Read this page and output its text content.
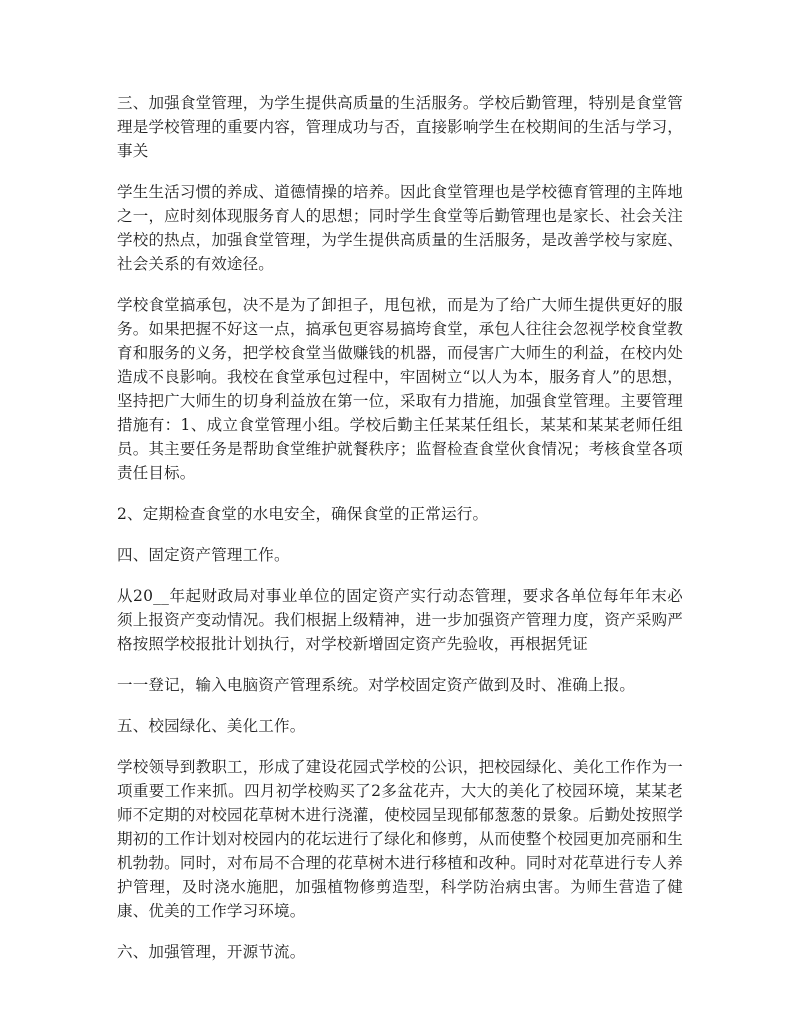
三、加强食堂管理，为学生提供高质量的生活服务。学校后勤管理，特别是食堂管理是学校管理的重要内容，管理成功与否，直接影响学生在校期间的生活与学习，事关

学生生活习惯的养成、道德情操的培养。因此食堂管理也是学校德育管理的主阵地之一，应时刻体现服务育人的思想；同时学生食堂等后勤管理也是家长、社会关注学校的热点，加强食堂管理，为学生提供高质量的生活服务，是改善学校与家庭、社会关系的有效途径。

学校食堂搞承包，决不是为了卸担子，甩包袱，而是为了给广大师生提供更好的服务。如果把握不好这一点，搞承包更容易搞垮食堂，承包人往往会忽视学校食堂教育和服务的义务，把学校食堂当做赚钱的机器，而侵害广大师生的利益，在校内处造成不良影响。我校在食堂承包过程中，牢固树立“以人为本，服务育人”的思想，坚持把广大师生的切身利益放在第一位，采取有力措施，加强食堂管理。主要管理措施有：1、成立食堂管理小组。学校后勤主任某某任组长，某某和某某老师任组员。其主要任务是帮助食堂维护就餐秩序；监督检查食堂伙食情况；考核食堂各项责任目标。

2、定期检查食堂的水电安全，确保食堂的正常运行。

四、固定资产管理工作。

从20__年起财政局对事业单位的固定资产实行动态管理，要求各单位每年年末必须上报资产变动情况。我们根据上级精神，进一步加强资产管理力度，资产采购严格按照学校报批计划执行，对学校新增固定资产先验收，再根据凭证

一一登记，输入电脑资产管理系统。对学校固定资产做到及时、准确上报。

五、校园绿化、美化工作。

学校领导到教职工，形成了建设花园式学校的公识，把校园绿化、美化工作作为一项重要工作来抓。四月初学校购买了2多盆花卉，大大的美化了校园环境，某某老师不定期的对校园花草树木进行浇灌，使校园呈现郁郁葱葱的景象。后勤处按照学期初的工作计划对校园内的花坛进行了绿化和修剪，从而使整个校园更加亮丽和生机勃勃。同时，对布局不合理的花草树木进行移植和改种。同时对花草进行专人养护管理，及时浇水施肥，加强植物修剪造型，科学防治病虫害。为师生营造了健康、优美的工作学习环境。

六、加强管理，开源节流。
